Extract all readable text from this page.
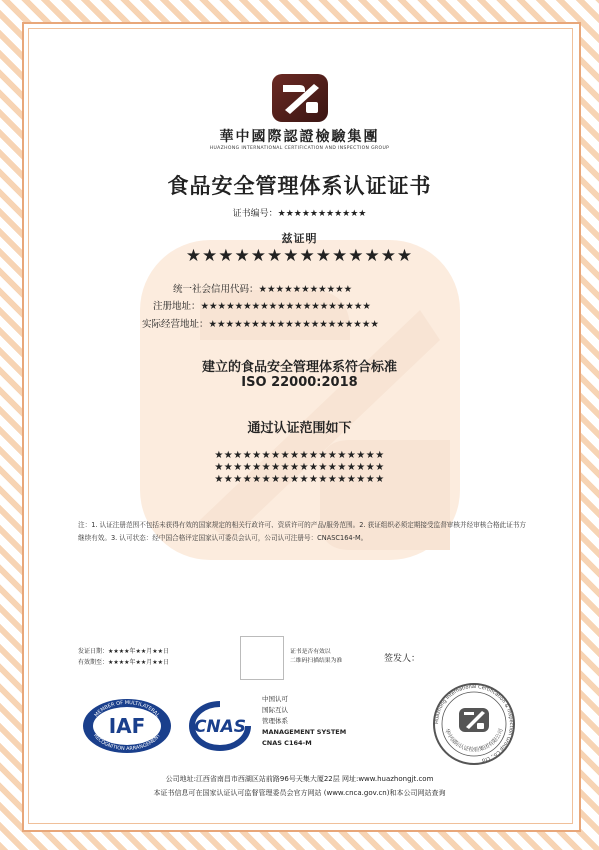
華中國際認證檢驗集團
HUAZHONG INTERNATIONAL CERTIFICATION AND INSPECTION GROUP
食品安全管理体系认证证书
证书编号：★★★★★★★★★★★
兹证明
★★★★★★★★★★★★★★
统一社会信用代码：★★★★★★★★★★★
注册地址：★★★★★★★★★★★★★★★★★★★★
实际经营地址：★★★★★★★★★★★★★★★★★★★★
建立的食品安全管理体系符合标准
ISO 22000:2018
通过认证范围如下
★★★★★★★★★★★★★★★★★★
★★★★★★★★★★★★★★★★★★
★★★★★★★★★★★★★★★★★★
注：1. 认证注册范围不包括未获得有效的国家规定的相关行政许可、资质许可的产品/服务范围。2. 获证组织必须定期接受监督审核并经审核合格此证书方继续有效。3. 认可状态：经中国合格评定国家认可委员会认可，公司认可注册号：CNASC164-M。
发证日期：★★★★年★★月★★日
有效期至：★★★★年★★月★★日
证书是否有效以
二维码扫描结果为准	签发人：
MEMBER OF MULTILATERAL
RECOGNITION ARRANGEMENT
IAF	CNAS
中国认可
国际互认
管理体系
MANAGEMENT SYSTEM
CNAS C164-M
Huazhong International Certification & Inspection Group Co., Ltd
华中国际认证检验集团有限公司
公司地址:江西省南昌市西湖区站前路96号天集大厦22层 网址:www.huazhongjt.com
本证书信息可在国家认证认可监督管理委员会官方网站 (www.cnca.gov.cn)和本公司网站查询
